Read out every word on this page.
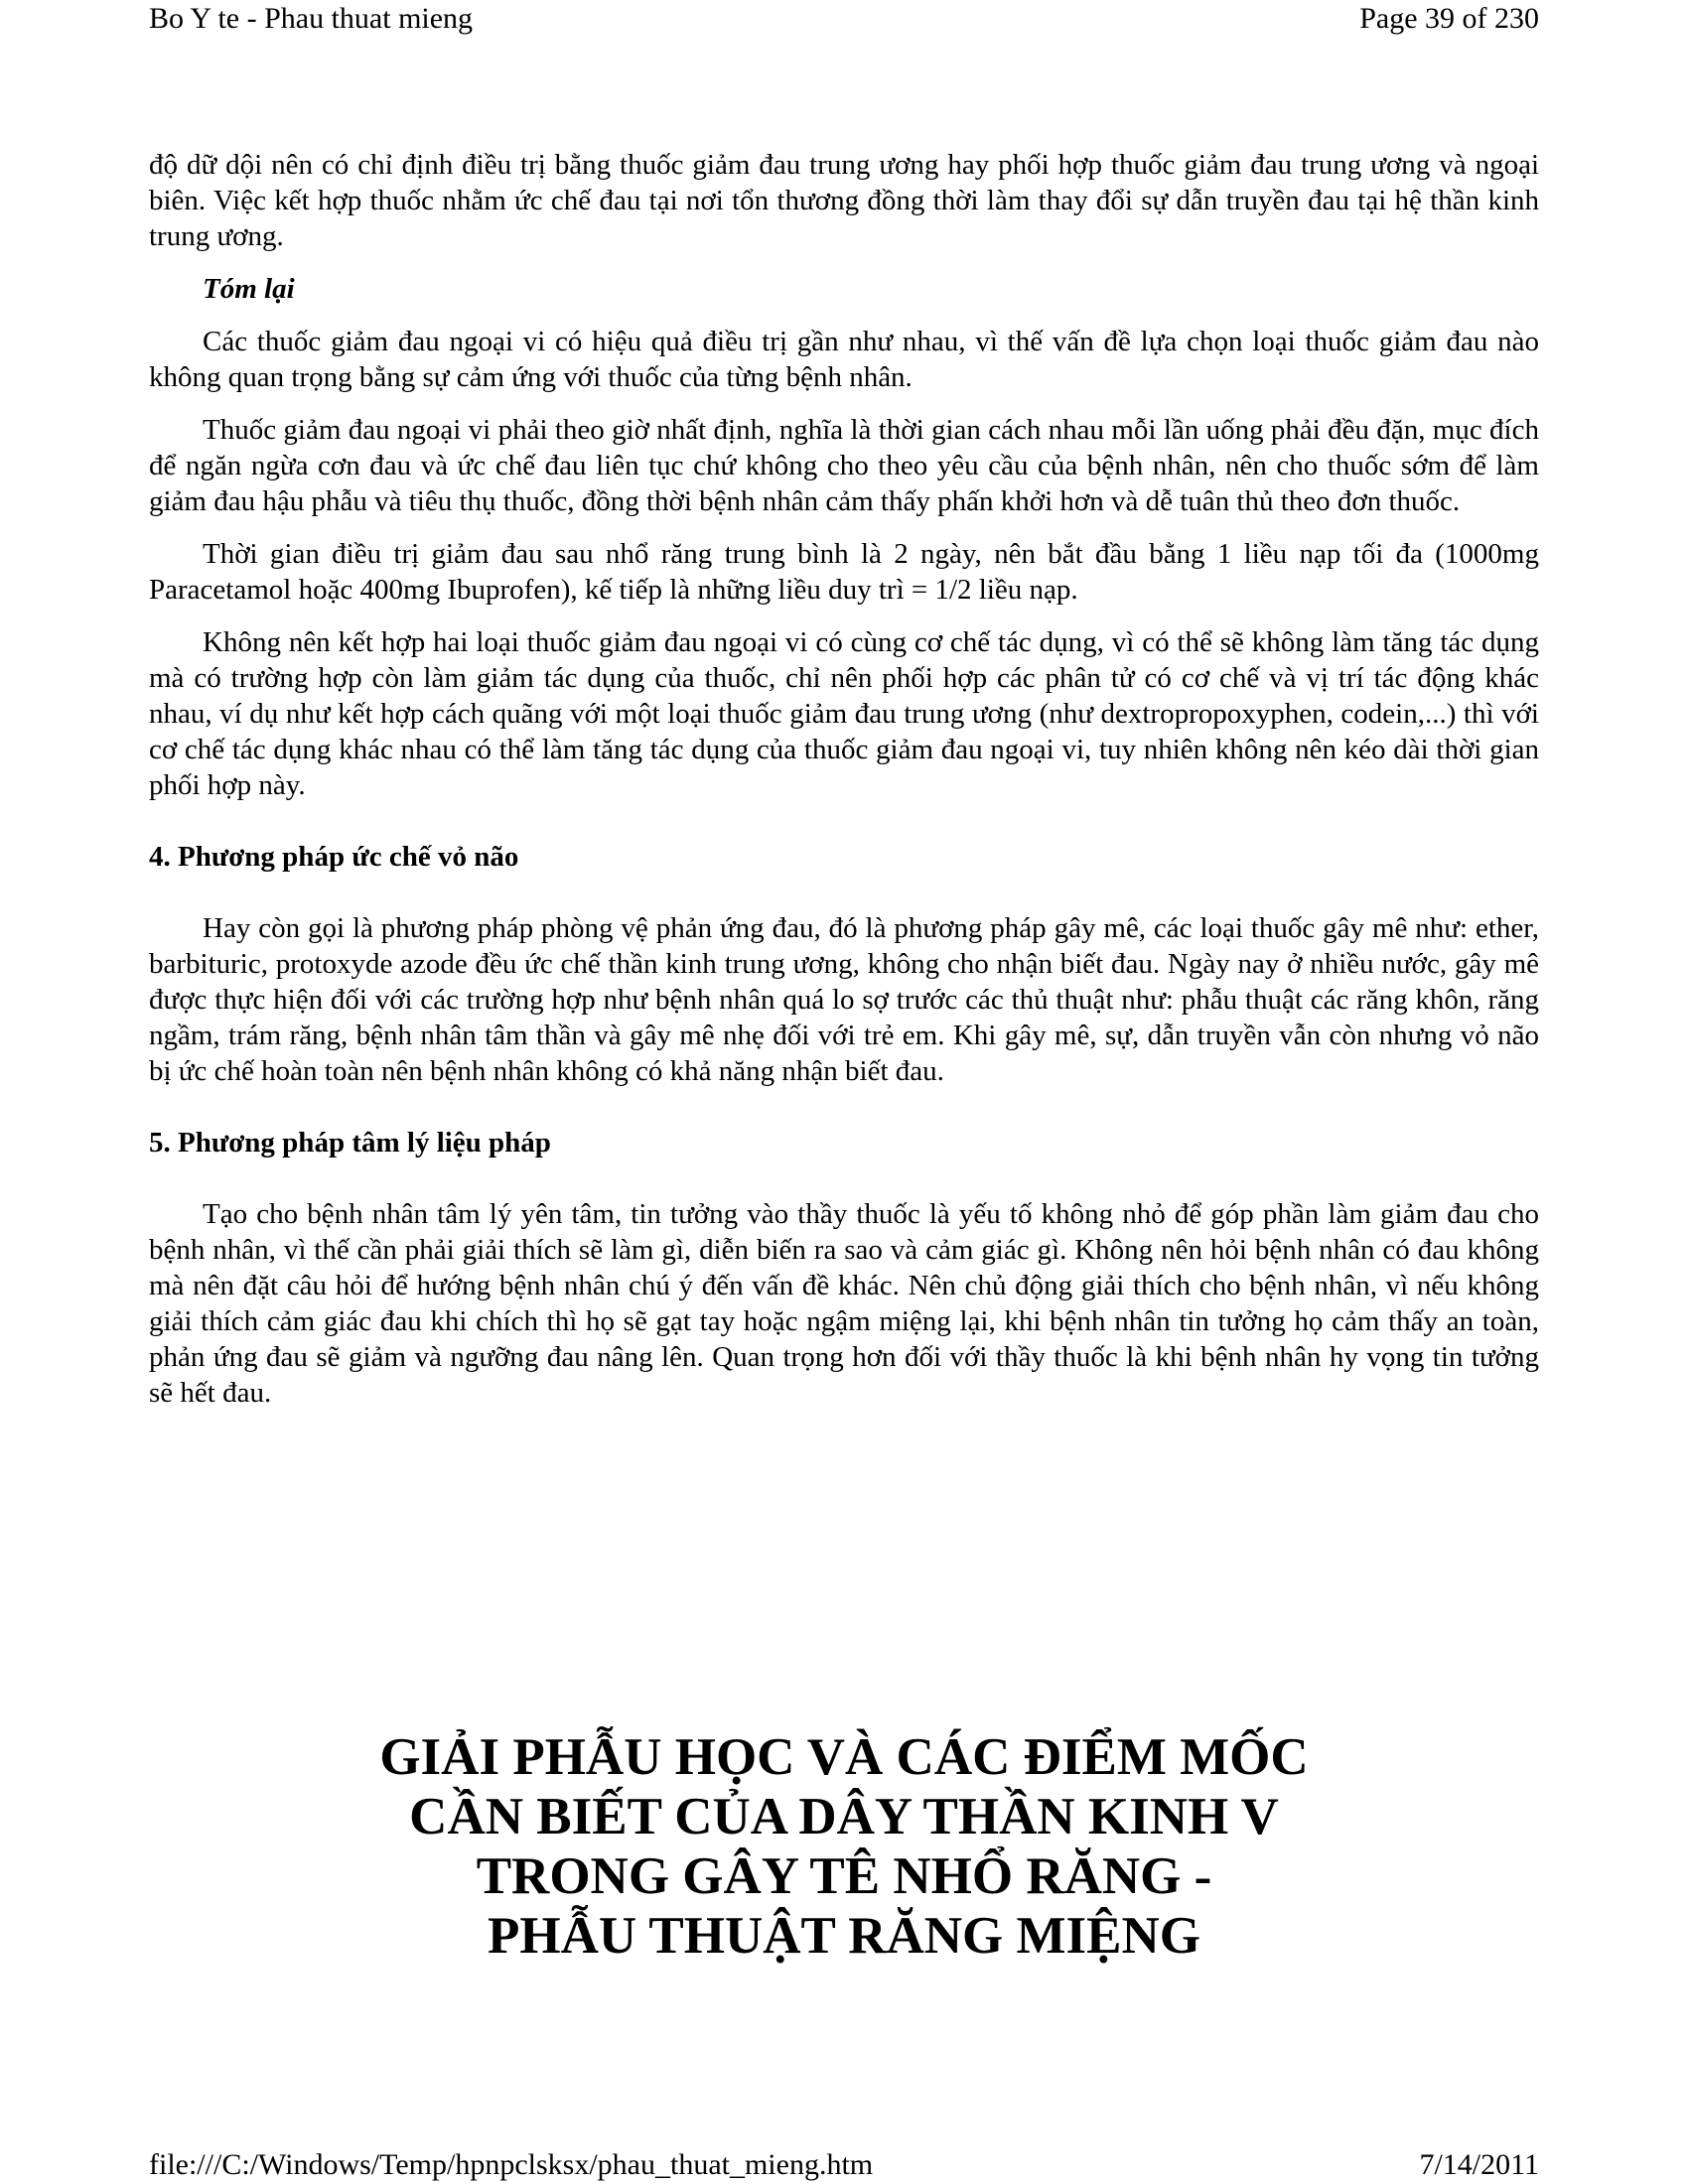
Bo Y te - Phau thuat mieng	Page 39 of 230

độ dữ dội nên có chỉ định điều trị bằng thuốc giảm đau trung ương hay phối hợp thuốc giảm đau trung ương và ngoại biên. Việc kết hợp thuốc nhằm ức chế đau tại nơi tổn thương đồng thời làm thay đổi sự dẫn truyền đau tại hệ thần kinh trung ương.

Tóm lại

Các thuốc giảm đau ngoại vi có hiệu quả điều trị gần như nhau, vì thế vấn đề lựa chọn loại thuốc giảm đau nào không quan trọng bằng sự cảm ứng với thuốc của từng bệnh nhân.

Thuốc giảm đau ngoại vi phải theo giờ nhất định, nghĩa là thời gian cách nhau mỗi lần uống phải đều đặn, mục đích để ngăn ngừa cơn đau và ức chế đau liên tục chứ không cho theo yêu cầu của bệnh nhân, nên cho thuốc sớm để làm giảm đau hậu phẫu và tiêu thụ thuốc, đồng thời bệnh nhân cảm thấy phấn khởi hơn và dễ tuân thủ theo đơn thuốc.

Thời gian điều trị giảm đau sau nhổ răng trung bình là 2 ngày, nên bắt đầu bằng 1 liều nạp tối đa (1000mg Paracetamol hoặc 400mg Ibuprofen), kế tiếp là những liều duy trì = 1/2 liều nạp.

Không nên kết hợp hai loại thuốc giảm đau ngoại vi có cùng cơ chế tác dụng, vì có thể sẽ không làm tăng tác dụng mà có trường hợp còn làm giảm tác dụng của thuốc, chỉ nên phối hợp các phân tử có cơ chế và vị trí tác động khác nhau, ví dụ như kết hợp cách quãng với một loại thuốc giảm đau trung ương (như dextropropoxyphen, codein,...) thì với cơ chế tác dụng khác nhau có thể làm tăng tác dụng của thuốc giảm đau ngoại vi, tuy nhiên không nên kéo dài thời gian phối hợp này.

4. Phương pháp ức chế vỏ não

Hay còn gọi là phương pháp phòng vệ phản ứng đau, đó là phương pháp gây mê, các loại thuốc gây mê như: ether, barbituric, protoxyde azode đều ức chế thần kinh trung ương, không cho nhận biết đau. Ngày nay ở nhiều nước, gây mê được thực hiện đối với các trường hợp như bệnh nhân quá lo sợ trước các thủ thuật như: phẫu thuật các răng khôn, răng ngầm, trám răng, bệnh nhân tâm thần và gây mê nhẹ đối với trẻ em. Khi gây mê, sự, dẫn truyền vẫn còn nhưng vỏ não bị ức chế hoàn toàn nên bệnh nhân không có khả năng nhận biết đau.

5. Phương pháp tâm lý liệu pháp

Tạo cho bệnh nhân tâm lý yên tâm, tin tưởng vào thầy thuốc là yếu tố không nhỏ để góp phần làm giảm đau cho bệnh nhân, vì thế cần phải giải thích sẽ làm gì, diễn biến ra sao và cảm giác gì. Không nên hỏi bệnh nhân có đau không mà nên đặt câu hỏi để hướng bệnh nhân chú ý đến vấn đề khác. Nên chủ động giải thích cho bệnh nhân, vì nếu không giải thích cảm giác đau khi chích thì họ sẽ gạt tay hoặc ngậm miệng lại, khi bệnh nhân tin tưởng họ cảm thấy an toàn, phản ứng đau sẽ giảm và ngưỡng đau nâng lên. Quan trọng hơn đối với thầy thuốc là khi bệnh nhân hy vọng tin tưởng sẽ hết đau.

GIẢI PHẪU HỌC VÀ CÁC ĐIỂM MỐC
CẦN BIẾT CỦA DÂY THẦN KINH V
TRONG GÂY TÊ NHỔ RĂNG -
PHẪU THUẬT RĂNG MIỆNG
file:///C:/Windows/Temp/hpnpclsksx/phau_thuat_mieng.htm	7/14/2011
